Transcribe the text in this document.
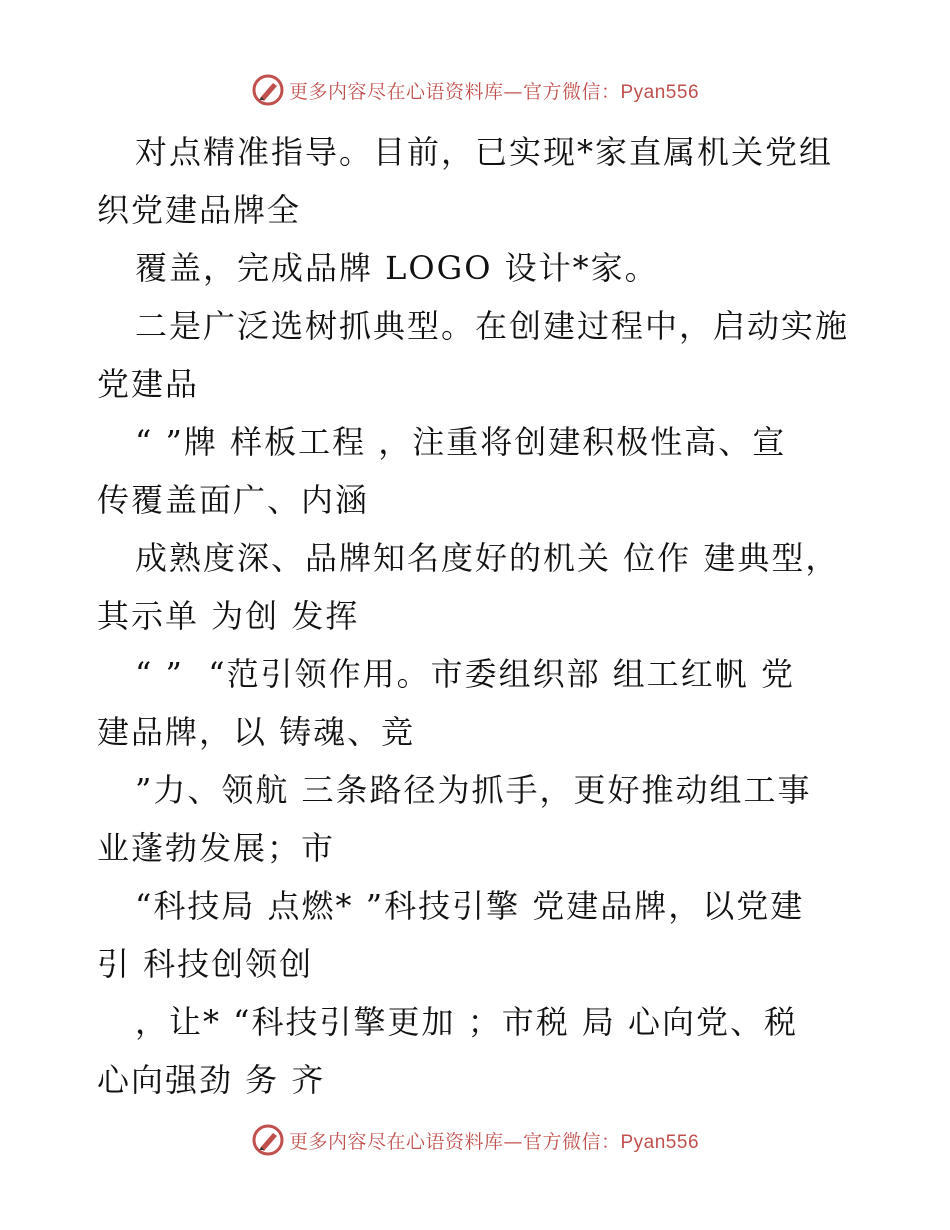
更多内容尽在心语资料库—官方微信：Pyan556

对点精准指导。目前，已实现*家直属机关党组

织党建品牌全

覆盖，完成品牌 LOGO 设计*家。

二是广泛选树抓典型。在创建过程中，启动实施

党建品

“ ”牌 样板工程 ，注重将创建积极性高、宣

传覆盖面广、内涵

成熟度深、品牌知名度好的机关 位作 建典型，

其示单 为创 发挥

“ ”  “范引领作用。市委组织部 组工红帆 党

建品牌，以 铸魂、竞

”力、领航 三条路径为抓手，更好推动组工事

业蓬勃发展；市

“科技局 点燃* ”科技引擎 党建品牌，以党建

引 科技创领创

，让* “科技引擎更加 ；市税 局 心向党、税

心向强劲 务 齐

更多内容尽在心语资料库—官方微信：Pyan556
